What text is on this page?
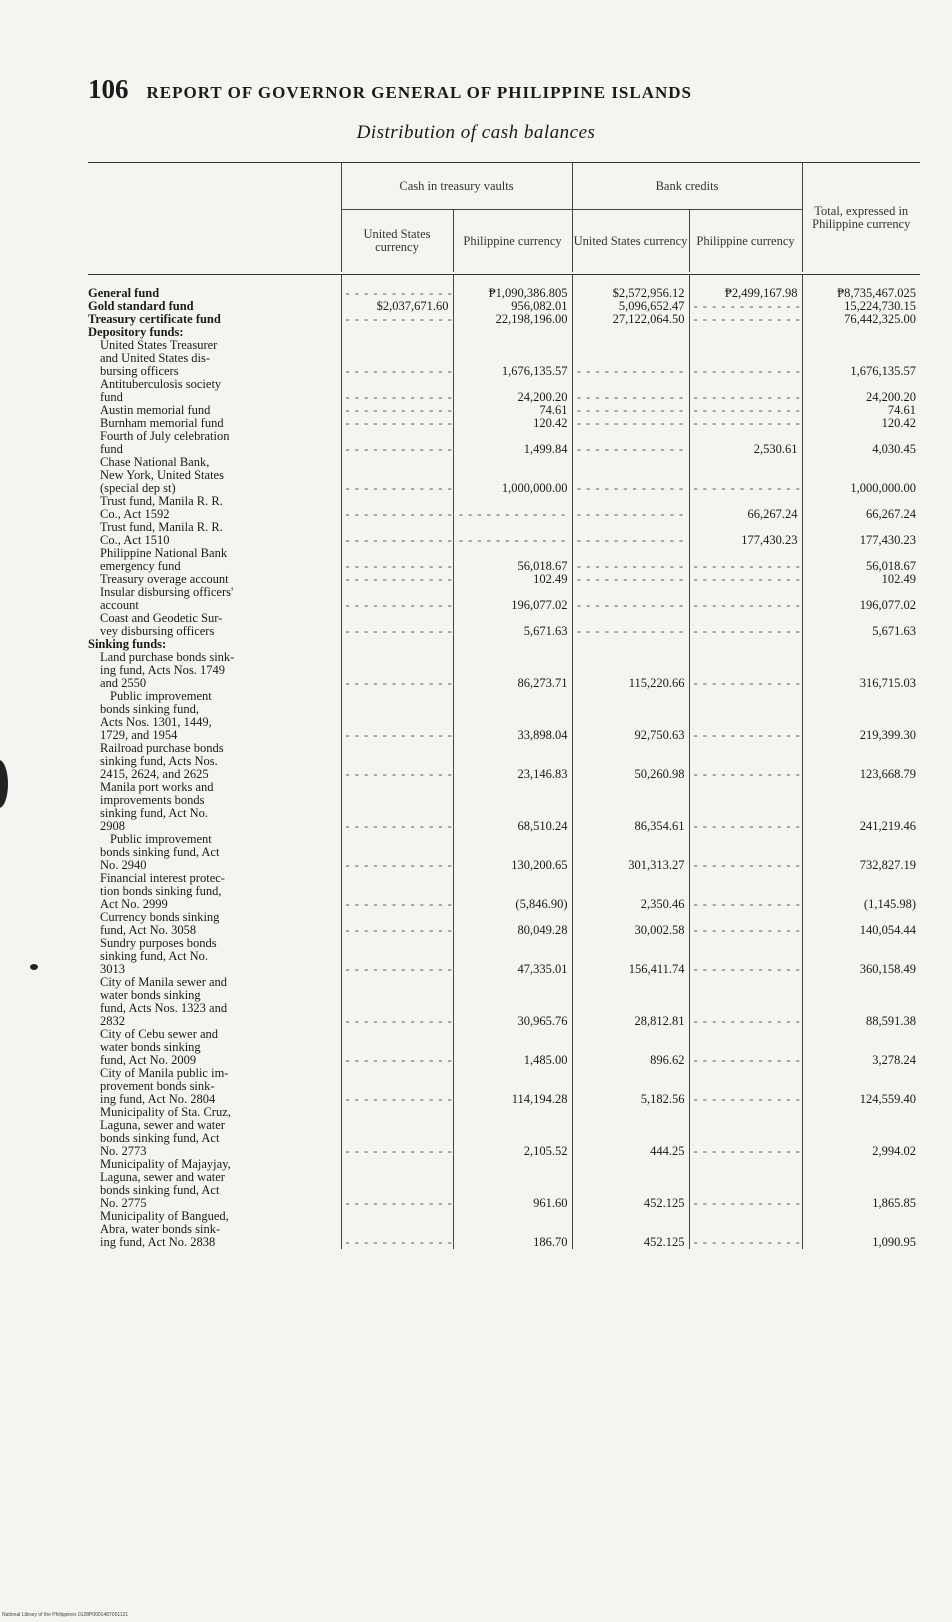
106 REPORT OF GOVERNOR GENERAL OF PHILIPPINE ISLANDS
Distribution of cash balances
	Cash in treasury vaults		Bank credits		Total, expressed in Philippine currency
	United States currency	Philippine currency	United States currency	Philippine currency	

General fund	- - - - - - - - - - - -	₱1,090,386.805	$2,572,956.12	₱2,499,167.98	₱8,735,467.025
Gold standard fund	$2,037,671.60	956,082.01	5,096,652.47	- - - - - - - - - - - -	15,224,730.15
Treasury certificate fund	- - - - - - - - - - - -	22,198,196.00	27,122,064.50	- - - - - - - - - - - -	76,442,325.00
Depository funds:					
United States Treasurer					
and United States dis-					
bursing officers	- - - - - - - - - - - -	1,676,135.57	- - - - - - - - - - - -	- - - - - - - - - - - -	1,676,135.57
Antituberculosis society					
fund	- - - - - - - - - - - -	24,200.20	- - - - - - - - - - - -	- - - - - - - - - - - -	24,200.20
Austin memorial fund	- - - - - - - - - - - -	74.61	- - - - - - - - - - - -	- - - - - - - - - - - -	74.61
Burnham memorial fund	- - - - - - - - - - - -	120.42	- - - - - - - - - - - -	- - - - - - - - - - - -	120.42
Fourth of July celebration					
fund	- - - - - - - - - - - -	1,499.84	- - - - - - - - - - - -	2,530.61	4,030.45
Chase National Bank,					
New York, United States					
(special dep st)	- - - - - - - - - - - -	1,000,000.00	- - - - - - - - - - - -	- - - - - - - - - - - -	1,000,000.00
Trust fund, Manila R. R.					
Co., Act 1592	- - - - - - - - - - - -	- - - - - - - - - - - -	- - - - - - - - - - - -	66,267.24	66,267.24
Trust fund, Manila R. R.					
Co., Act 1510	- - - - - - - - - - - -	- - - - - - - - - - - -	- - - - - - - - - - - -	177,430.23	177,430.23
Philippine National Bank					
emergency fund	- - - - - - - - - - - -	56,018.67	- - - - - - - - - - - -	- - - - - - - - - - - -	56,018.67
Treasury overage account	- - - - - - - - - - - -	102.49	- - - - - - - - - - - -	- - - - - - - - - - - -	102.49
Insular disbursing officers'					
account	- - - - - - - - - - - -	196,077.02	- - - - - - - - - - - -	- - - - - - - - - - - -	196,077.02
Coast and Geodetic Sur-					
vey disbursing officers	- - - - - - - - - - - -	5,671.63	- - - - - - - - - - - -	- - - - - - - - - - - -	5,671.63
Sinking funds:					
Land purchase bonds sink-					
ing fund, Acts Nos. 1749					
and 2550	- - - - - - - - - - - -	86,273.71	115,220.66	- - - - - - - - - - - -	316,715.03
Public improvement					
bonds sinking fund,					
Acts Nos. 1301, 1449,					
1729, and 1954	- - - - - - - - - - - -	33,898.04	92,750.63	- - - - - - - - - - - -	219,399.30
Railroad purchase bonds					
sinking fund, Acts Nos.					
2415, 2624, and 2625	- - - - - - - - - - - -	23,146.83	50,260.98	- - - - - - - - - - - -	123,668.79
Manila port works and					
improvements bonds					
sinking fund, Act No.					
2908	- - - - - - - - - - - -	68,510.24	86,354.61	- - - - - - - - - - - -	241,219.46
Public improvement					
bonds sinking fund, Act					
No. 2940	- - - - - - - - - - - -	130,200.65	301,313.27	- - - - - - - - - - - -	732,827.19
Financial interest protec-					
tion bonds sinking fund,					
Act No. 2999	- - - - - - - - - - - -	(5,846.90)	2,350.46	- - - - - - - - - - - -	(1,145.98)
Currency bonds sinking					
fund, Act No. 3058	- - - - - - - - - - - -	80,049.28	30,002.58	- - - - - - - - - - - -	140,054.44
Sundry purposes bonds					
sinking fund, Act No.					
3013	- - - - - - - - - - - -	47,335.01	156,411.74	- - - - - - - - - - - -	360,158.49
City of Manila sewer and					
water bonds sinking					
fund, Acts Nos. 1323 and					
2832	- - - - - - - - - - - -	30,965.76	28,812.81	- - - - - - - - - - - -	88,591.38
City of Cebu sewer and					
water bonds sinking					
fund, Act No. 2009	- - - - - - - - - - - -	1,485.00	896.62	- - - - - - - - - - - -	3,278.24
City of Manila public im-					
provement bonds sink-					
ing fund, Act No. 2804	- - - - - - - - - - - -	114,194.28	5,182.56	- - - - - - - - - - - -	124,559.40
Municipality of Sta. Cruz,					
Laguna, sewer and water					
bonds sinking fund, Act					
No. 2773	- - - - - - - - - - - -	2,105.52	444.25	- - - - - - - - - - - -	2,994.02
Municipality of Majayjay,					
Laguna, sewer and water					
bonds sinking fund, Act					
No. 2775	- - - - - - - - - - - -	961.60	452.125	- - - - - - - - - - - -	1,865.85
Municipality of Bangued,					
Abra, water bonds sink-					
ing fund, Act No. 2838	- - - - - - - - - - - -	186.70	452.125	- - - - - - - - - - - -	1,090.95
National Library of the Philippines 0128P0001487001131
